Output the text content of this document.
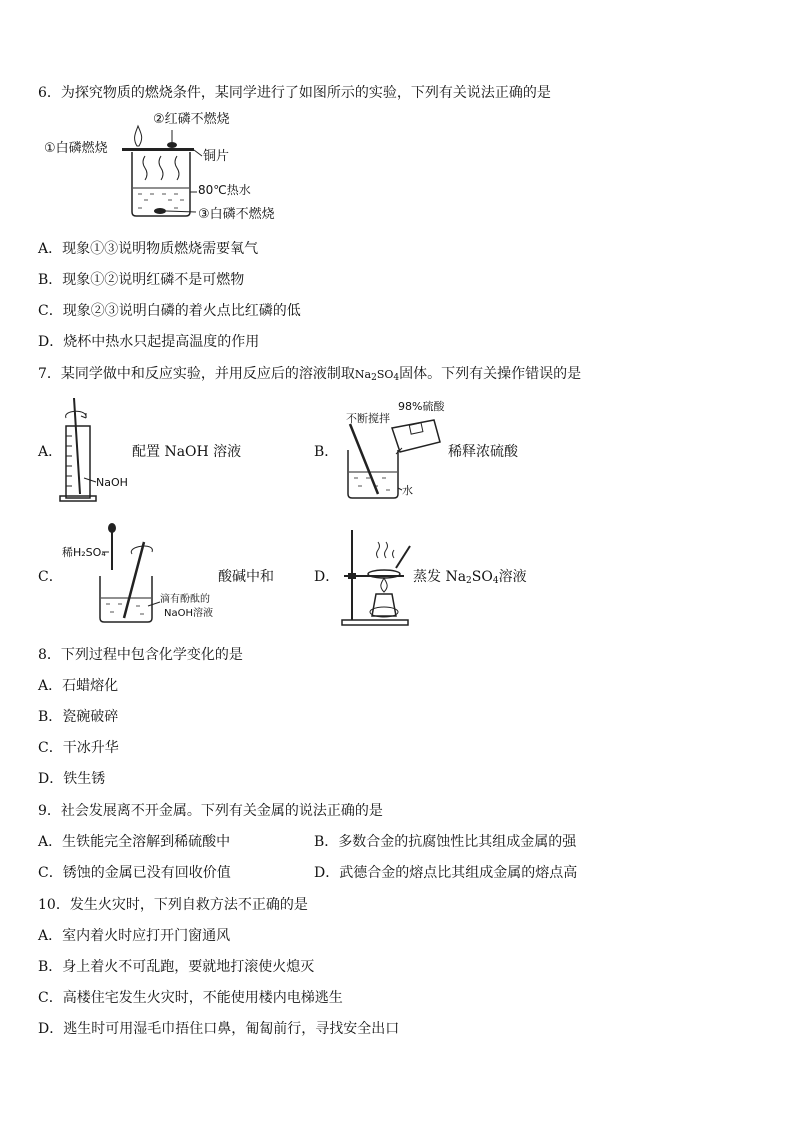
6．为探究物质的燃烧条件，某同学进行了如图所示的实验，下列有关说法正确的是
②红磷不燃烧
①白磷燃烧
铜片
80℃热水
③白磷不燃烧
A．现象①③说明物质燃烧需要氧气
B．现象①②说明红磷不是可燃物
C．现象②③说明白磷的着火点比红磷的低
D．烧杯中热水只起提高温度的作用
7．某同学做中和反应实验，并用反应后的溶液制取$Na_2SO_4$固体。下列有关操作错误的是
A．
NaOH
配置 NaOH 溶液	B．
不断搅拌
98%硫酸
水
稀释浓硫酸
C．
稀H₂SO₄
滴有酚酞的
NaOH溶液
酸碱中和	D．	蒸发 $Na_2SO_4$溶液
8．下列过程中包含化学变化的是
A．石蜡熔化
B．瓷碗破碎
C．干冰升华
D．铁生锈
9．社会发展离不开金属。下列有关金属的说法正确的是
A．生铁能完全溶解到稀硫酸中	B．多数合金的抗腐蚀性比其组成金属的强
C．锈蚀的金属已没有回收价值	D．武德合金的熔点比其组成金属的熔点高
10．发生火灾时，下列自救方法不正确的是
A．室内着火时应打开门窗通风
B．身上着火不可乱跑，要就地打滚使火熄灭
C．高楼住宅发生火灾时，不能使用楼内电梯逃生
D．逃生时可用湿毛巾捂住口鼻，匍匐前行，寻找安全出口
